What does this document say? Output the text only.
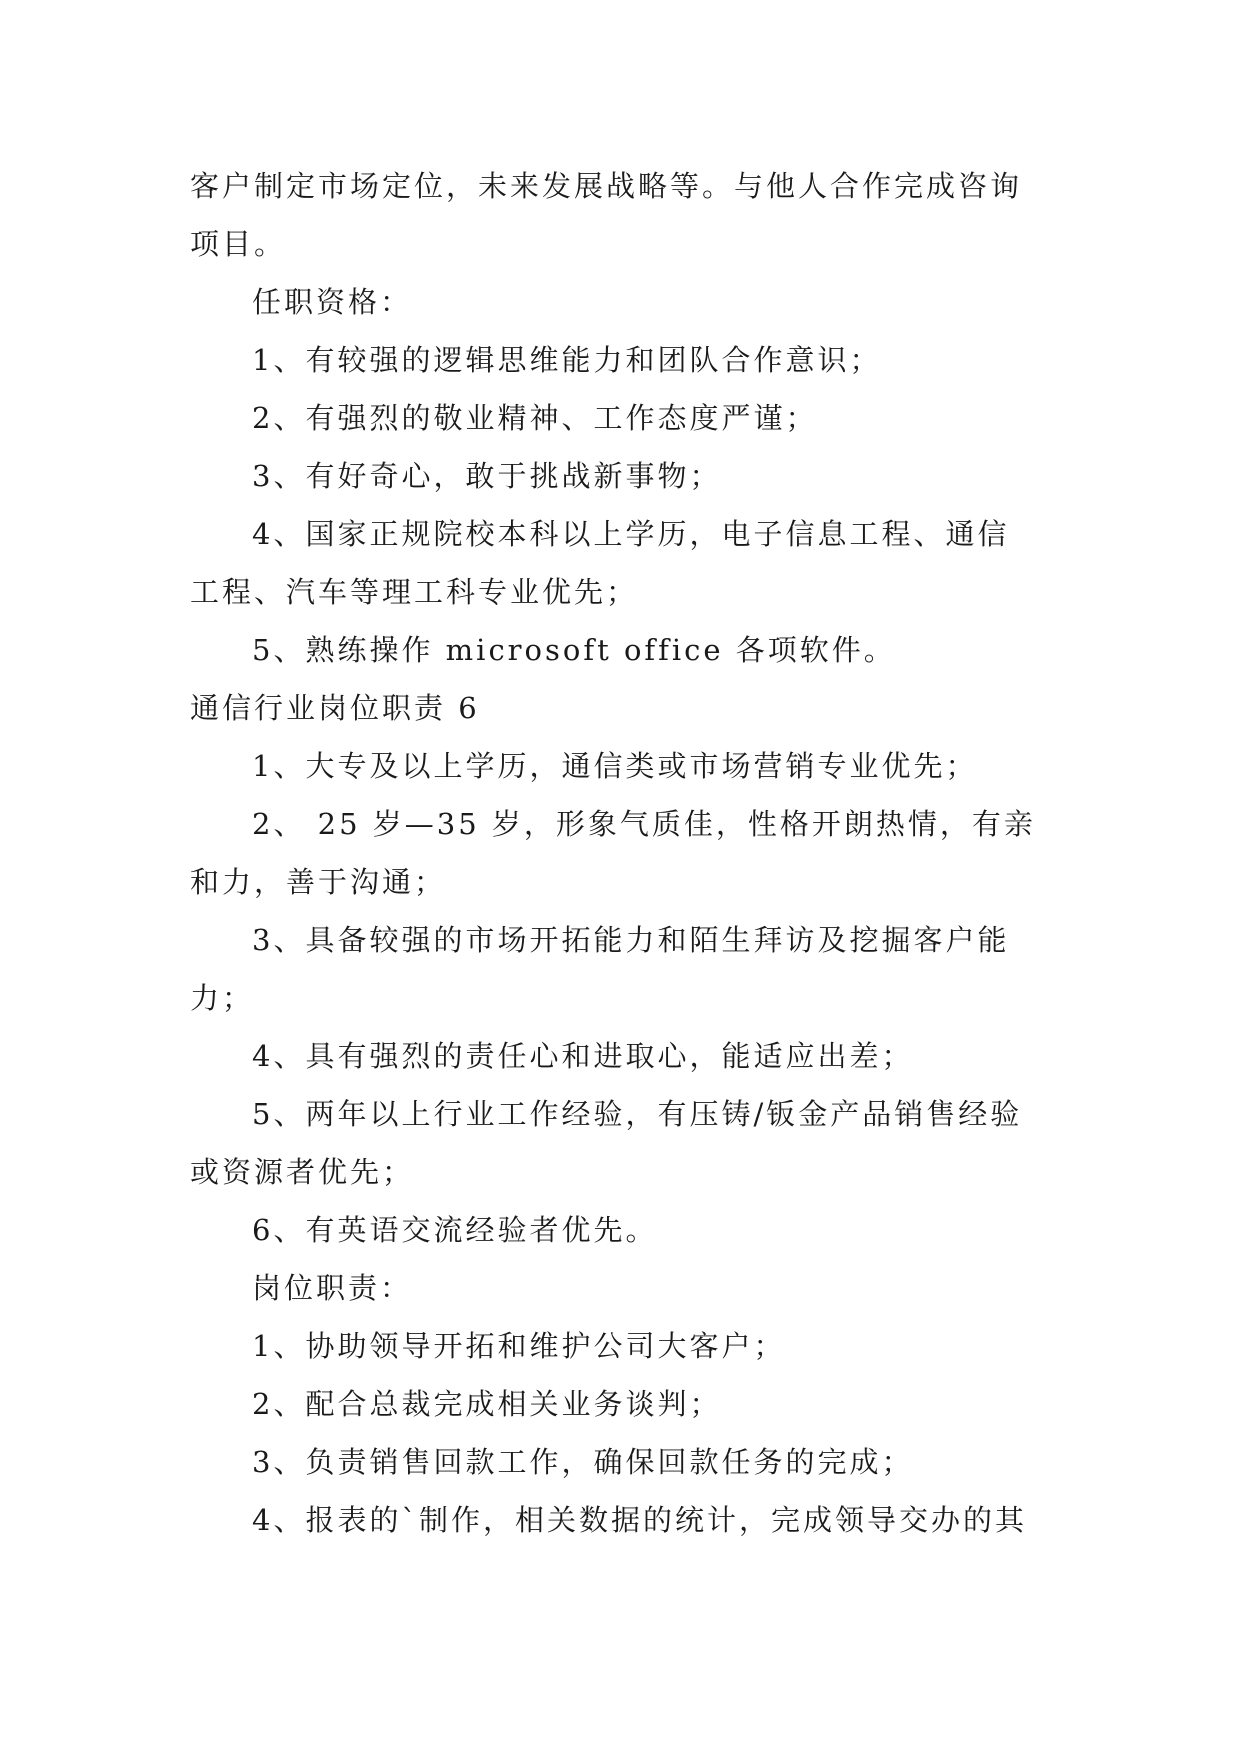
客户制定市场定位，未来发展战略等。与他人合作完成咨询
项目。
任职资格：
1、有较强的逻辑思维能力和团队合作意识；
2、有强烈的敬业精神、工作态度严谨；
3、有好奇心，敢于挑战新事物；
4、国家正规院校本科以上学历，电子信息工程、通信
工程、汽车等理工科专业优先；
5、熟练操作 microsoft office 各项软件。
通信行业岗位职责 6
1、大专及以上学历，通信类或市场营销专业优先；
2、 25 岁—35 岁，形象气质佳，性格开朗热情，有亲
和力，善于沟通；
3、具备较强的市场开拓能力和陌生拜访及挖掘客户能
力；
4、具有强烈的责任心和进取心，能适应出差；
5、两年以上行业工作经验，有压铸/钣金产品销售经验
或资源者优先；
6、有英语交流经验者优先。
岗位职责：
1、协助领导开拓和维护公司大客户；
2、配合总裁完成相关业务谈判；
3、负责销售回款工作，确保回款任务的完成；
4、报表的`制作，相关数据的统计，完成领导交办的其
